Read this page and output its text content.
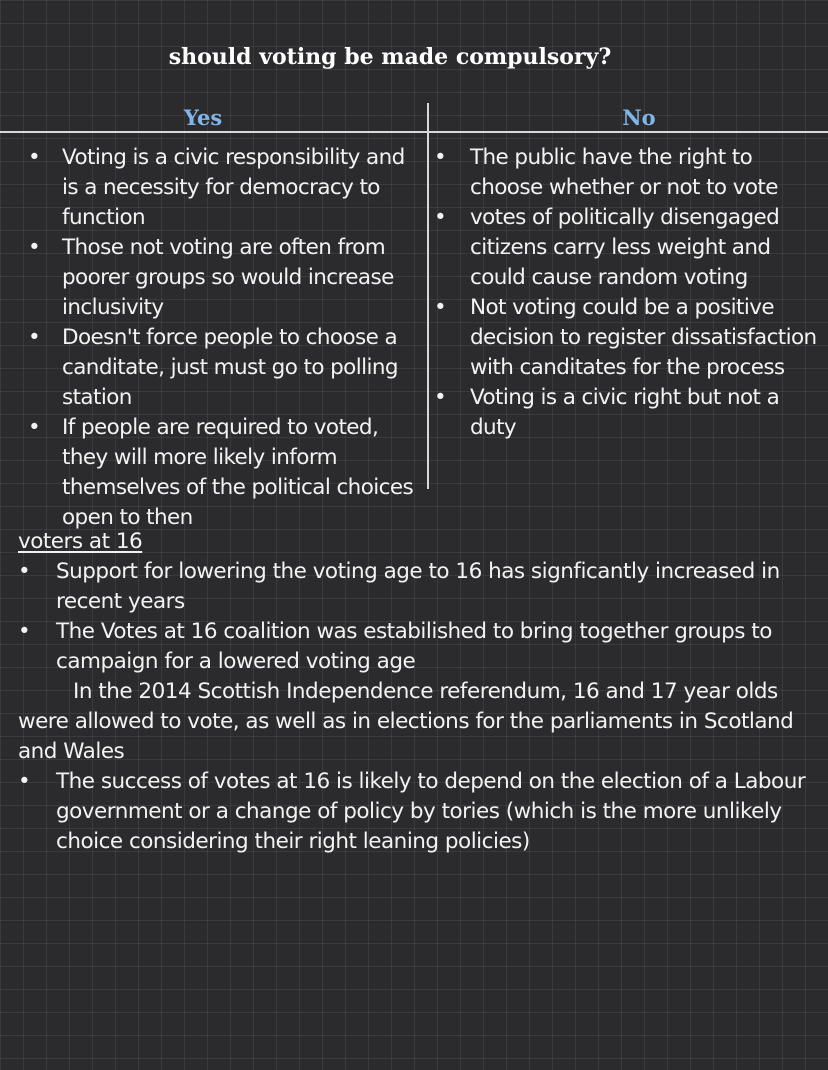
should voting be made compulsory?
Yes	No
• Voting is a civic responsibility and is a necessity for democracy to function
• Those not voting are often from poorer groups so would increase inclusivity
• Doesn't force people to choose a canditate, just must go to polling station
• If people are required to voted, they will more likely inform themselves of the political choices open to then
• The public have the right to choose whether or not to vote
• votes of politically disengaged citizens carry less weight and could cause random voting
• Not voting could be a positive decision to register dissatisfaction with canditates for the process
• Voting is a civic right but not a duty
voters at 16
• Support for lowering the voting age to 16 has signficantly increased in recent years
• The Votes at 16 coalition was estabilished to bring together groups to campaign for a lowered voting age
In the 2014 Scottish Independence referendum, 16 and 17 year olds were allowed to vote, as well as in elections for the parliaments in Scotland and Wales
• The success of votes at 16 is likely to depend on the election of a Labour government or a change of policy by tories (which is the more unlikely choice considering their right leaning policies)
